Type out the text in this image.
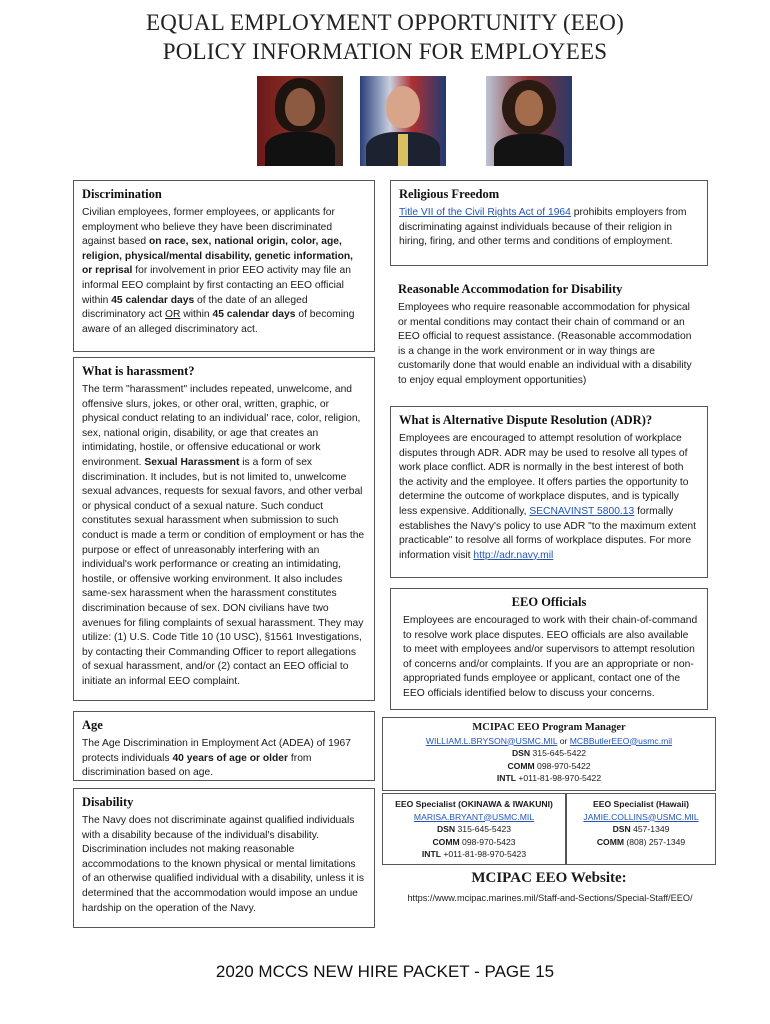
EQUAL EMPLOYMENT OPPORTUNITY (EEO)
POLICY INFORMATION FOR EMPLOYEES
Discrimination

Civilian employees, former employees, or applicants for employment who believe they have been discriminated against based on race, sex, national origin, color, age, religion, physical/mental disability, genetic information, or reprisal for involvement in prior EEO activity may file an informal EEO complaint by first contacting an EEO official within 45 calendar days of the date of an alleged discriminatory act OR within 45 calendar days of becoming aware of an alleged discriminatory act.

What is harassment?

The term "harassment" includes repeated, unwelcome, and offensive slurs, jokes, or other oral, written, graphic, or physical conduct relating to an individual' race, color, religion, sex, national origin, disability, or age that creates an intimidating, hostile, or offensive educational or work environment. Sexual Harassment is a form of sex discrimination. It includes, but is not limited to, unwelcome sexual advances, requests for sexual favors, and other verbal or physical conduct of a sexual nature. Such conduct constitutes sexual harassment when submission to such conduct is made a term or condition of employment or has the purpose or effect of unreasonably interfering with an individual's work performance or creating an intimidating, hostile, or offensive working environment. It also includes same-sex harassment when the harassment constitutes discrimination because of sex. DON civilians have two avenues for filing complaints of sexual harassment. They may utilize: (1) U.S. Code Title 10 (10 USC), §1561 Investigations, by contacting their Commanding Officer to report allegations of sexual harassment, and/or (2) contact an EEO official to initiate an informal EEO complaint.

Age

The Age Discrimination in Employment Act (ADEA) of 1967 protects individuals 40 years of age or older from discrimination based on age.

Disability

The Navy does not discriminate against qualified individuals with a disability because of the individual's disability. Discrimination includes not making reasonable accommodations to the known physical or mental limitations of an otherwise qualified individual with a disability, unless it is determined that the accommodation would impose an undue hardship on the operation of the Navy.

Religious Freedom

Title VII of the Civil Rights Act of 1964 prohibits employers from discriminating against individuals because of their religion in hiring, firing, and other terms and conditions of employment.

Reasonable Accommodation for Disability

Employees who require reasonable accommodation for physical or mental conditions may contact their chain of command or an EEO official to request assistance. (Reasonable accommodation is a change in the work environment or in way things are customarily done that would enable an individual with a disability to enjoy equal employment opportunities)

What is Alternative Dispute Resolution (ADR)?

Employees are encouraged to attempt resolution of workplace disputes through ADR. ADR may be used to resolve all types of work place conflict. ADR is normally in the best interest of both the activity and the employee. It offers parties the opportunity to determine the outcome of workplace disputes, and is typically less expensive. Additionally, SECNAVINST 5800.13 formally establishes the Navy's policy to use ADR "to the maximum extent practicable" to resolve all forms of workplace disputes. For more information visit http://adr.navy.mil

EEO Officials

Employees are encouraged to work with their chain-of-command to resolve work place disputes. EEO officials are also available to meet with employees and/or supervisors to attempt resolution of concerns and/or complaints. If you are an appropriate or non-appropriated funds employee or applicant, contact one of the EEO officials identified below to discuss your concerns.

MCIPAC EEO Program Manager
WILLIAM.L.BRYSON@USMC.MIL or MCBButlerEEO@usmc.mil
DSN 315-645-5422
COMM 098-970-5422
INTL +011-81-98-970-5422
EEO Specialist (OKINAWA & IWAKUNI)
MARISA.BRYANT@USMC.MIL
DSN 315-645-5423
COMM 098-970-5423
INTL +011-81-98-970-5423
EEO Specialist (Hawaii)
JAMIE.COLLINS@USMC.MIL
DSN 457-1349
COMM (808) 257-1349
MCIPAC EEO Website:
https://www.mcipac.marines.mil/Staff-and-Sections/Special-Staff/EEO/
2020 MCCS NEW HIRE PACKET - PAGE 15
